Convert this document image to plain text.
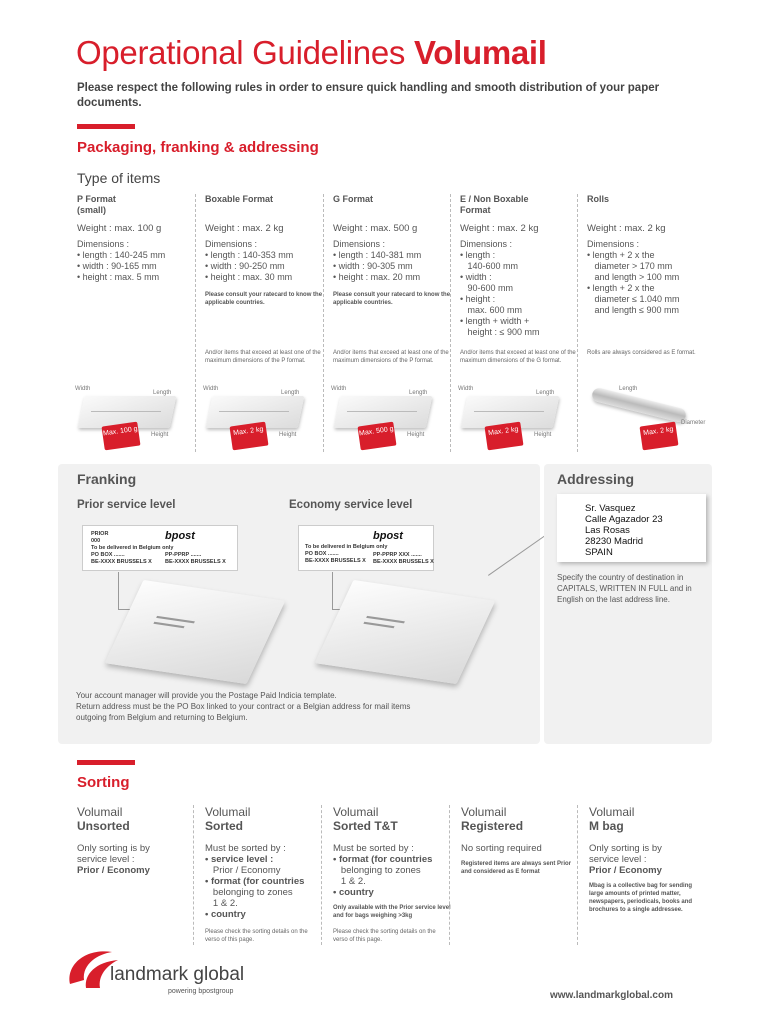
Operational Guidelines Volumail
Please respect the following rules in order to ensure quick handling and smooth distribution of your paper documents.
Packaging, franking & addressing
Type of items
P Format
(small)
Weight : max. 100 g
Dimensions :
• length : 140-245 mm
• width : 90-165 mm
• height : max. 5 mm
Width
Length
Height
Max. 100 g
Boxable Format
Weight : max. 2 kg
Dimensions :
• length : 140-353 mm
• width : 90-250 mm
• height : max. 30 mm
Please consult your ratecard to know the applicable countries.
And/or items that exceed at least one of the maximum dimensions of the P format.
Width
Length
Height
Max. 2 kg
G Format
Weight : max. 500 g
Dimensions :
• length : 140-381 mm
• width : 90-305 mm
• height : max. 20 mm
Please consult your ratecard to know the applicable countries.
And/or items that exceed at least one of the maximum dimensions of the P format.
Width
Length
Height
Max. 500 g
E / Non Boxable
Format
Weight : max. 2 kg
Dimensions :
• length :
140-600 mm
• width :
90-600 mm
• height :
max. 600 mm
• length + width +
height : ≤ 900 mm
And/or items that exceed at least one of the maximum dimensions of the G format.
Width
Length
Height
Max. 2 kg
Rolls
Weight : max. 2 kg
Dimensions :
• length + 2 x the
diameter > 170 mm
and length > 100 mm
• length + 2 x the
diameter ≤ 1.040 mm
and length ≤ 900 mm
Rolls are always considered as E format.
Length
Diameter
Max. 2 kg
Franking
Prior service level	Economy service level
PRIOR
000
To be delivered in Belgium only
PO BOX .......
BE-XXXX BRUSSELS X
bpost
PP-PPRP .......
BE-XXXX BRUSSELS X
To be delivered in Belgium only
PO BOX .......
BE-XXXX BRUSSELS X
bpost
PP-PPRP XXX .......
BE-XXXX BRUSSELS X
Your account manager will provide you the Postage Paid Indicia template.
Return address must be the PO Box linked to your contract or a Belgian address for mail items
outgoing from Belgium and returning to Belgium.
Addressing
Sr. Vasquez
Calle Agazador 23
Las Rosas
28230 Madrid
SPAIN
Specify the country of destination in CAPITALS, WRITTEN IN FULL and in English on the last address line.
Sorting
Volumail
Unsorted
Only sorting is by
service level :
Prior / Economy
Volumail
Sorted
Must be sorted by :
• service level :
Prior / Economy
• format (for countries
belonging to zones
1 & 2.
• country
Please check the sorting details on the verso of this page.
Volumail
Sorted T&T
Must be sorted by :
• format (for countries
belonging to zones
1 & 2.
• country
Only available with the Prior service level and for bags weighing >3kg
Please check the sorting details on the verso of this page.
Volumail
Registered
No sorting required
Registered items are always sent Prior and considered as E format
Volumail
M bag
Only sorting is by
service level :
Prior / Economy
Mbag is a collective bag for sending large amounts of printed matter, newspapers, periodicals, books and brochures to a single addressee.
landmark global
powering bpostgroup	www.landmarkglobal.com
